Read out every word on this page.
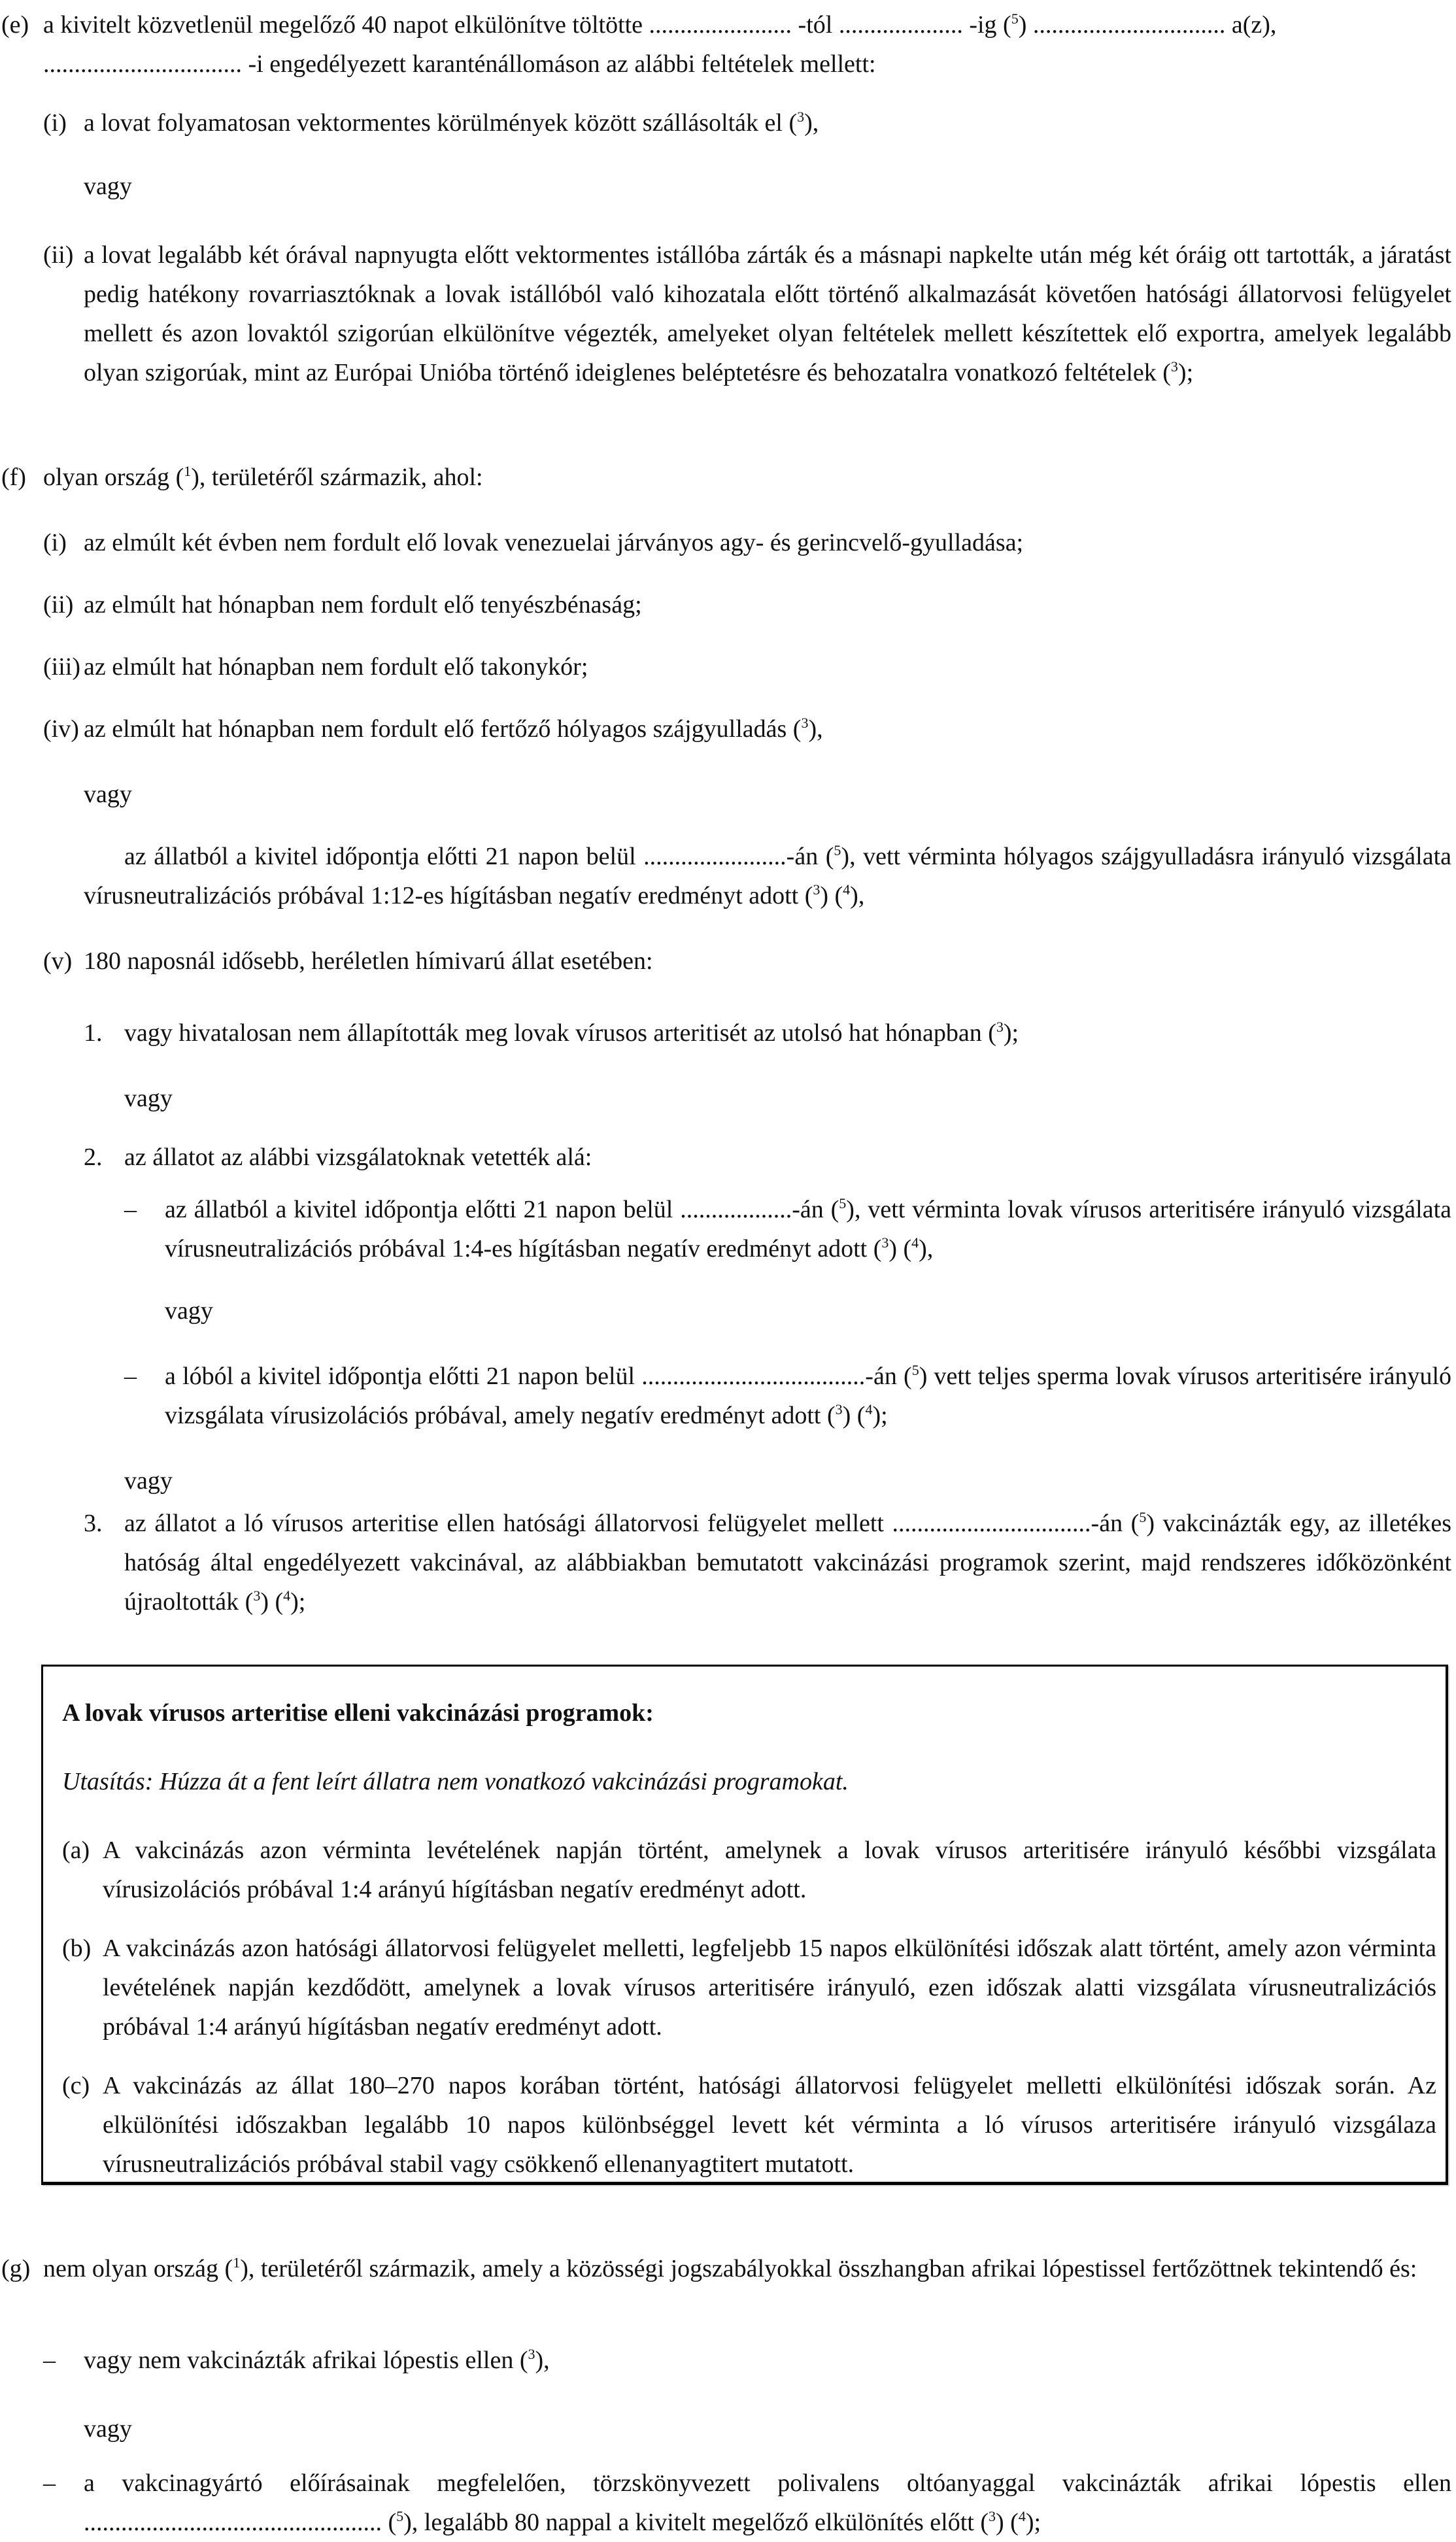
(e) a kivitelt közvetlenül megelőző 40 napot elkülönítve töltötte ....................... -tól .................... -ig ($^5$) ............................... a(z),
................................ -i engedélyezett karanténállomáson az alábbi feltételek mellett:
(i) a lovat folyamatosan vektormentes körülmények között szállásolták el ($^3$),
vagy
(ii) a lovat legalább két órával napnyugta előtt vektormentes istállóba zárták és a másnapi napkelte után még két óráig ott tartották, a járatást pedig hatékony rovarriasztóknak a lovak istállóból való kihozatala előtt történő alkalmazását követően hatósági állatorvosi felügyelet mellett és azon lovaktól szigorúan elkülönítve végezték, amelyeket olyan feltételek mellett készítettek elő exportra, amelyek legalább olyan szigorúak, mint az Európai Unióba történő ideiglenes beléptetésre és behozatalra vonatkozó feltételek ($^3$);
(f) olyan ország ($^1$), területéről származik, ahol:
(i) az elmúlt két évben nem fordult elő lovak venezuelai járványos agy- és gerincvelő-gyulladása;
(ii) az elmúlt hat hónapban nem fordult elő tenyészbénaság;
(iii) az elmúlt hat hónapban nem fordult elő takonykór;
(iv) az elmúlt hat hónapban nem fordult elő fertőző hólyagos szájgyulladás ($^3$),
vagy
az állatból a kivitel időpontja előtti 21 napon belül .......................-án ($^5$), vett vérminta hólyagos szájgyulladásra irányuló vizsgálata vírusneutralizációs próbával 1:12-es hígításban negatív eredményt adott ($^3$) ($^4$),
(v) 180 naposnál idősebb, heréletlen hímivarú állat esetében:
1. vagy hivatalosan nem állapították meg lovak vírusos arteritisét az utolsó hat hónapban ($^3$);
vagy
2. az állatot az alábbi vizsgálatoknak vetették alá:
– az állatból a kivitel időpontja előtti 21 napon belül ..................-án ($^5$), vett vérminta lovak vírusos arteritisére irányuló vizsgálata vírusneutralizációs próbával 1:4-es hígításban negatív eredményt adott ($^3$) ($^4$),
vagy
– a lóból a kivitel időpontja előtti 21 napon belül ....................................-án ($^5$) vett teljes sperma lovak vírusos arteritisére irányuló vizsgálata vírusizolációs próbával, amely negatív eredményt adott ($^3$) ($^4$);
vagy
3. az állatot a ló vírusos arteritise ellen hatósági állatorvosi felügyelet mellett ................................-án ($^5$) vakcinázták egy, az illetékes hatóság által engedélyezett vakcinával, az alábbiakban bemutatott vakcinázási programok szerint, majd rendszeres időközönként újraoltották ($^3$) ($^4$);
A lovak vírusos arteritise elleni vakcinázási programok:
Utasítás: Húzza át a fent leírt állatra nem vonatkozó vakcinázási programokat.
(a) A vakcinázás azon vérminta levételének napján történt, amelynek a lovak vírusos arteritisére irányuló későbbi vizsgálata vírusizolációs próbával 1:4 arányú hígításban negatív eredményt adott.
(b) A vakcinázás azon hatósági állatorvosi felügyelet melletti, legfeljebb 15 napos elkülönítési időszak alatt történt, amely azon vérminta levételének napján kezdődött, amelynek a lovak vírusos arteritisére irányuló, ezen időszak alatti vizsgálata vírusneutralizációs próbával 1:4 arányú hígításban negatív eredményt adott.
(c) A vakcinázás az állat 180–270 napos korában történt, hatósági állatorvosi felügyelet melletti elkülönítési időszak során. Az elkülönítési időszakban legalább 10 napos különbséggel levett két vérminta a ló vírusos arteritisére irányuló vizsgálaza vírusneutralizációs próbával stabil vagy csökkenő ellenanyagtitert mutatott.
(g) nem olyan ország ($^1$), területéről származik, amely a közösségi jogszabályokkal összhangban afrikai lópestissel fertőzöttnek tekintendő és:
– vagy nem vakcinázták afrikai lópestis ellen ($^3$),
vagy
– a vakcinagyártó előírásainak megfelelően, törzskönyvezett polivalens oltóanyaggal vakcinázták afrikai lópestis ellen ................................................ ($^5$), legalább 80 nappal a kivitelt megelőző elkülönítés előtt ($^3$) ($^4$);
